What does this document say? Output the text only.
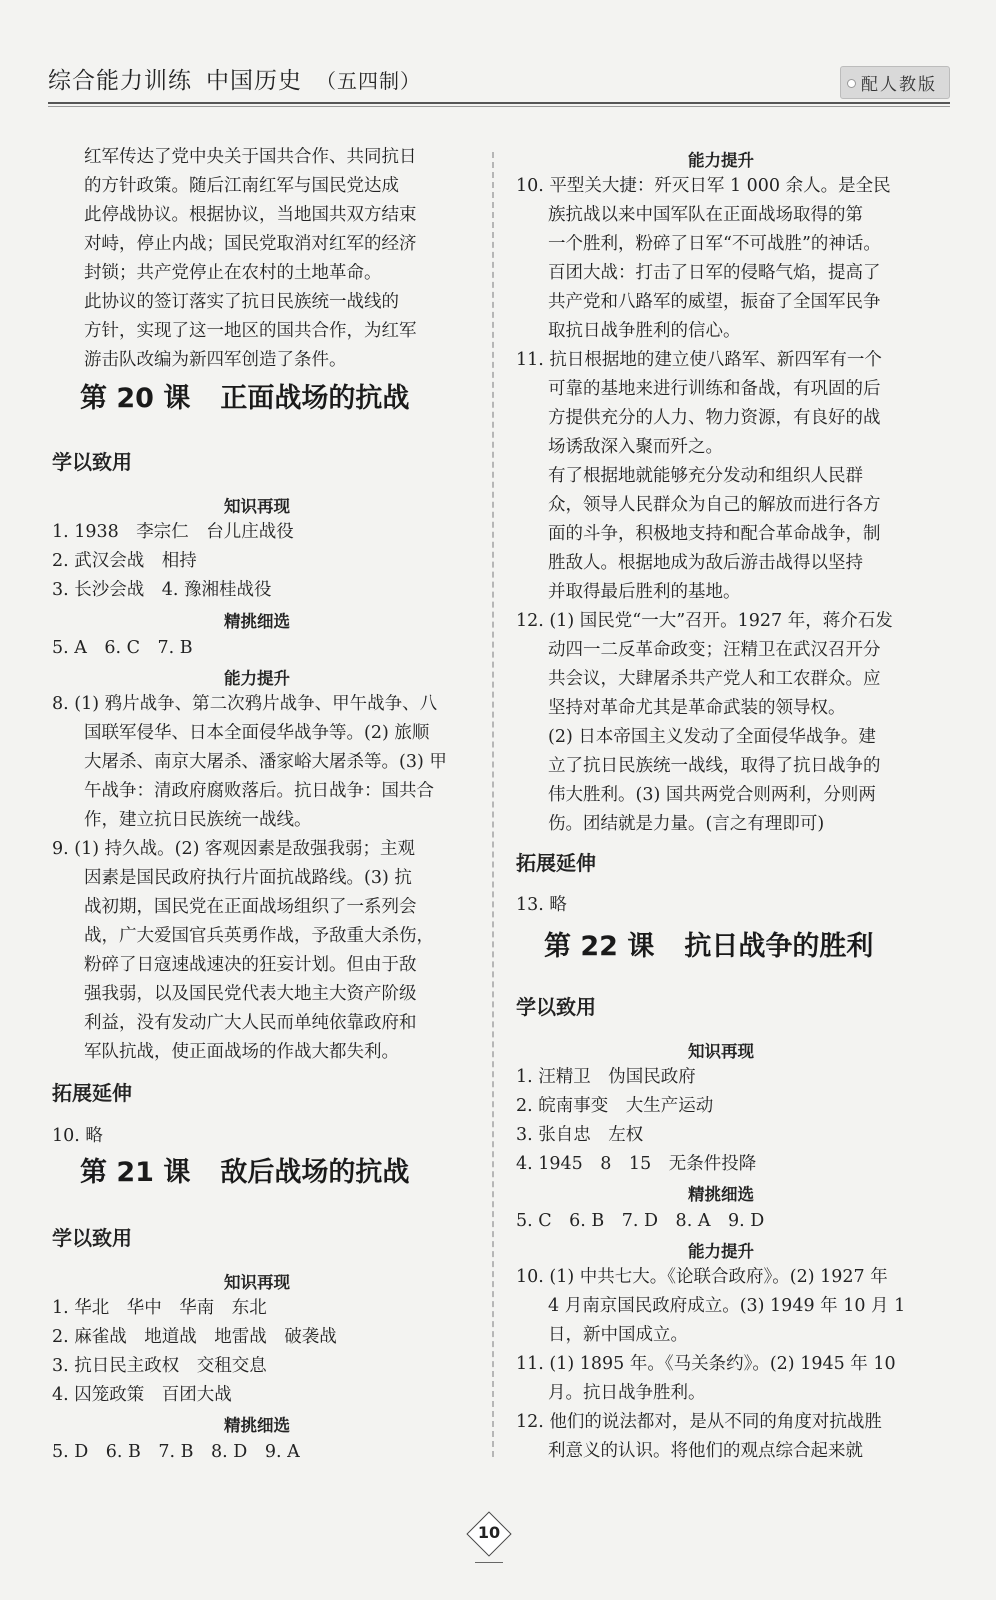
综合能力训练 中国历史 （五四制）	配人教版
红军传达了党中央关于国共合作、共同抗日
的方针政策。随后江南红军与国民党达成
此停战协议。根据协议，当地国共双方结束
对峙，停止内战；国民党取消对红军的经济
封锁；共产党停止在农村的土地革命。
此协议的签订落实了抗日民族统一战线的
方针，实现了这一地区的国共合作，为红军
游击队改编为新四军创造了条件。
第 20 课 正面战场的抗战
学以致用
知识再现
1. 1938　李宗仁　台儿庄战役
2. 武汉会战　相持
3. 长沙会战　4. 豫湘桂战役
精挑细选
5. A　6. C　7. B
能力提升
8. (1) 鸦片战争、第二次鸦片战争、甲午战争、八
国联军侵华、日本全面侵华战争等。(2) 旅顺
大屠杀、南京大屠杀、潘家峪大屠杀等。(3) 甲
午战争：清政府腐败落后。抗日战争：国共合
作，建立抗日民族统一战线。
9. (1) 持久战。(2) 客观因素是敌强我弱；主观
因素是国民政府执行片面抗战路线。(3) 抗
战初期，国民党在正面战场组织了一系列会
战，广大爱国官兵英勇作战，予敌重大杀伤，
粉碎了日寇速战速决的狂妄计划。但由于敌
强我弱，以及国民党代表大地主大资产阶级
利益，没有发动广大人民而单纯依靠政府和
军队抗战，使正面战场的作战大都失利。
拓展延伸
10. 略
第 21 课 敌后战场的抗战
学以致用
知识再现
1. 华北　华中　华南　东北
2. 麻雀战　地道战　地雷战　破袭战
3. 抗日民主政权　交租交息
4. 囚笼政策　百团大战
精挑细选
5. D　6. B　7. B　8. D　9. A
能力提升
10. 平型关大捷：歼灭日军 1 000 余人。是全民
族抗战以来中国军队在正面战场取得的第
一个胜利，粉碎了日军“不可战胜”的神话。
百团大战：打击了日军的侵略气焰，提高了
共产党和八路军的威望，振奋了全国军民争
取抗日战争胜利的信心。
11. 抗日根据地的建立使八路军、新四军有一个
可靠的基地来进行训练和备战，有巩固的后
方提供充分的人力、物力资源，有良好的战
场诱敌深入聚而歼之。
有了根据地就能够充分发动和组织人民群
众，领导人民群众为自己的解放而进行各方
面的斗争，积极地支持和配合革命战争，制
胜敌人。根据地成为敌后游击战得以坚持
并取得最后胜利的基地。
12. (1) 国民党“一大”召开。1927 年，蒋介石发
动四一二反革命政变；汪精卫在武汉召开分
共会议，大肆屠杀共产党人和工农群众。应
坚持对革命尤其是革命武装的领导权。
(2) 日本帝国主义发动了全面侵华战争。建
立了抗日民族统一战线，取得了抗日战争的
伟大胜利。(3) 国共两党合则两利，分则两
伤。团结就是力量。(言之有理即可)
拓展延伸
13. 略
第 22 课 抗日战争的胜利
学以致用
知识再现
1. 汪精卫　伪国民政府
2. 皖南事变　大生产运动
3. 张自忠　左权
4. 1945　8　15　无条件投降
精挑细选
5. C　6. B　7. D　8. A　9. D
能力提升
10. (1) 中共七大。《论联合政府》。(2) 1927 年
4 月南京国民政府成立。(3) 1949 年 10 月 1
日，新中国成立。
11. (1) 1895 年。《马关条约》。(2) 1945 年 10
月。抗日战争胜利。
12. 他们的说法都对，是从不同的角度对抗战胜
利意义的认识。将他们的观点综合起来就
10
